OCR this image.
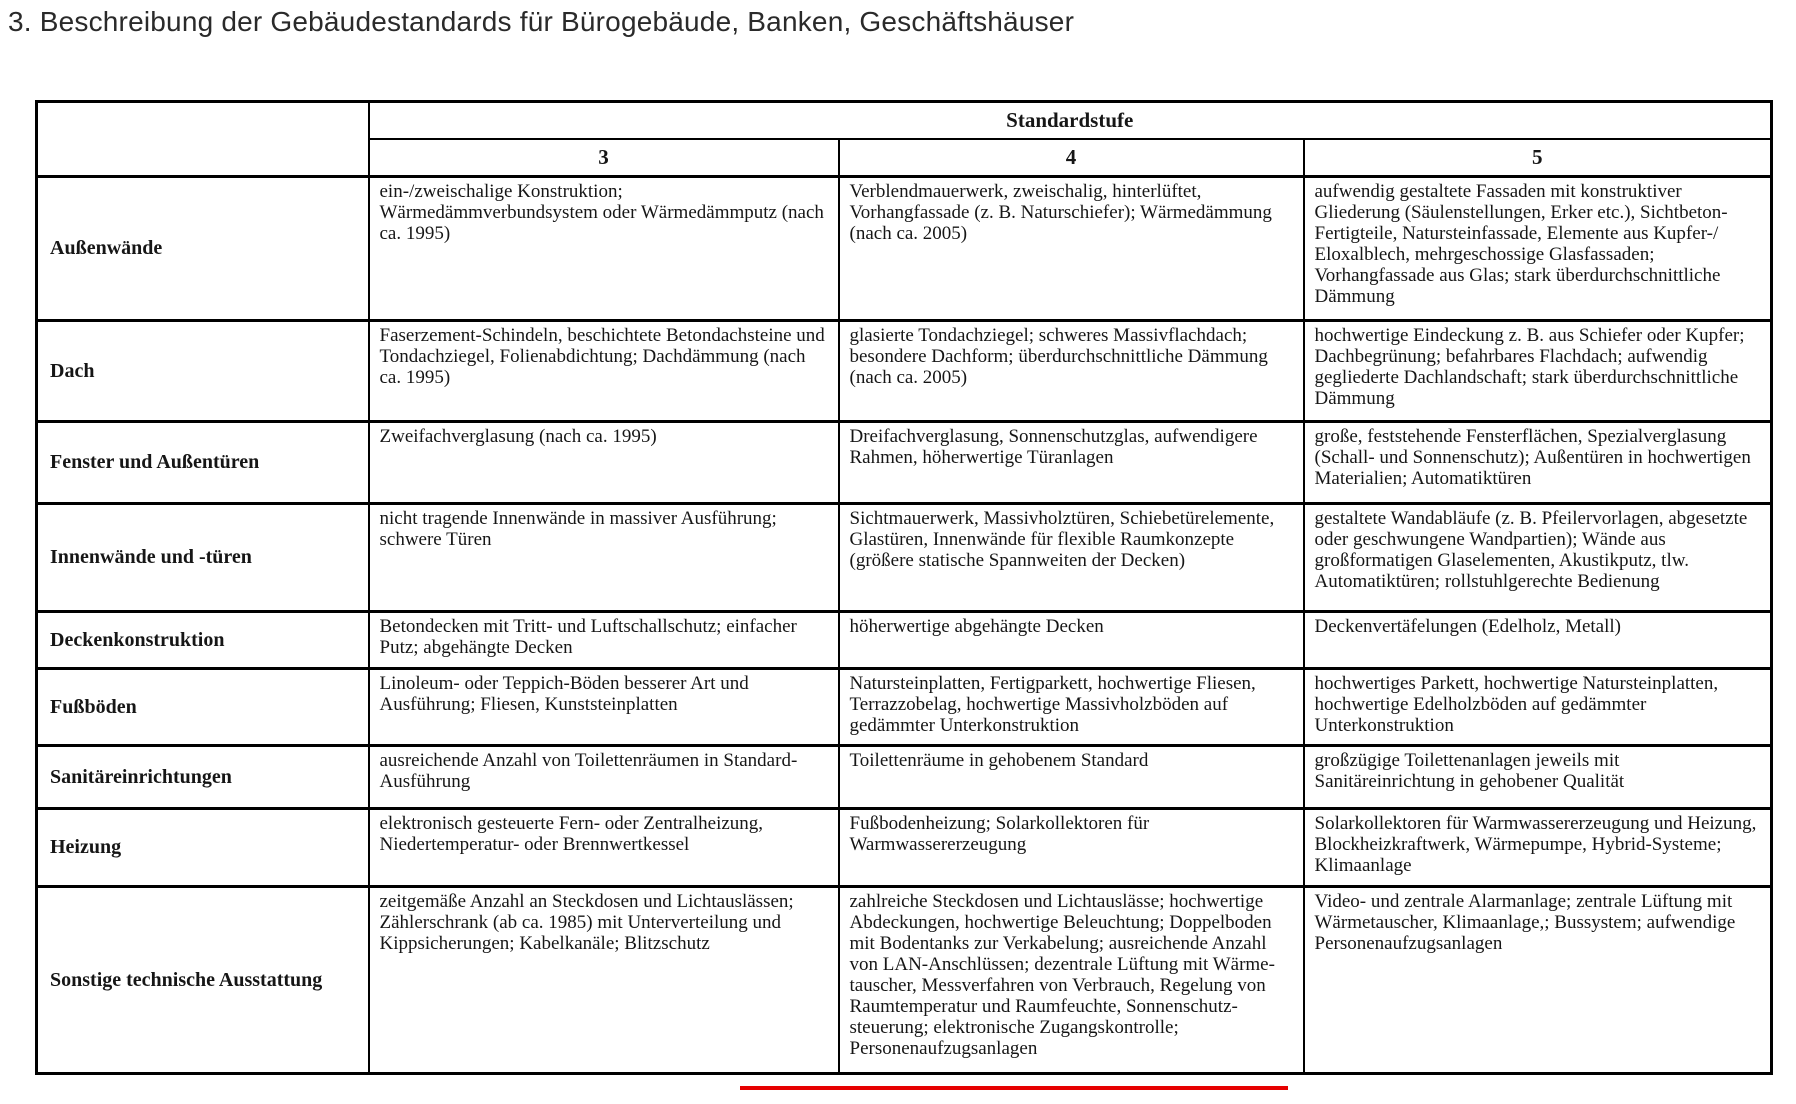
3. Beschreibung der Gebäudestandards für Bürogebäude, Banken, Geschäftshäuser
	Standardstufe		
	3	4	5
Außenwände	ein-/zweischalige Konstruktion; Wärmedämmverbundsystem oder Wärmedämmputz (nach ca. 1995)	Verblendmauerwerk, zweischalig, hinterlüftet, Vorhangfassade (z. B. Naturschiefer); Wärmedämmung (nach ca. 2005)	aufwendig gestaltete Fassaden mit konstruktiver Gliederung (Säulenstellungen, Erker etc.), Sichtbeton-Fertigteile, Natursteinfassade, Elemente aus Kupfer-/ Eloxalblech, mehrgeschossige Glasfassaden; Vorhangfassade aus Glas; stark überdurchschnittliche Dämmung
Dach	Faserzement-Schindeln, beschichtete Betondachsteine und Tondachziegel, Folienabdichtung; Dachdämmung (nach ca. 1995)	glasierte Tondachziegel; schweres Massivflachdach; besondere Dachform; überdurchschnittliche Dämmung (nach ca. 2005)	hochwertige Eindeckung z. B. aus Schiefer oder Kupfer; Dachbegrünung; befahrbares Flachdach; aufwendig gegliederte Dachlandschaft; stark überdurchschnittliche Dämmung
Fenster und Außentüren	Zweifachverglasung (nach ca. 1995)	Dreifachverglasung, Sonnenschutzglas, aufwendigere Rahmen, höherwertige Türanlagen	große, feststehende Fensterflächen, Spezialverglasung (Schall- und Sonnenschutz); Außentüren in hochwertigen Materialien; Automatiktüren
Innenwände und -türen	nicht tragende Innenwände in massiver Ausführung; schwere Türen	Sichtmauerwerk, Massivholztüren, Schiebetürelemente, Glastüren, Innenwände für flexible Raumkonzepte (größere statische Spannweiten der Decken)	gestaltete Wandabläufe (z. B. Pfeilervorlagen, abgesetzte oder geschwungene Wandpartien); Wände aus großformatigen Glaselementen, Akustikputz, tlw. Automatiktüren; rollstuhlgerechte Bedienung
Deckenkonstruktion	Betondecken mit Tritt- und Luftschallschutz; einfacher Putz; abgehängte Decken	höherwertige abgehängte Decken	Deckenvertäfelungen (Edelholz, Metall)
Fußböden	Linoleum- oder Teppich-Böden besserer Art und Ausführung; Fliesen, Kunststeinplatten	Natursteinplatten, Fertigparkett, hochwertige Fliesen, Terrazzobelag, hochwertige Massivholzböden auf gedämmter Unterkonstruktion	hochwertiges Parkett, hochwertige Natursteinplatten, hochwertige Edelholzböden auf gedämmter Unterkonstruktion
Sanitäreinrichtungen	ausreichende Anzahl von Toilettenräumen in Standard-Ausführung	Toilettenräume in gehobenem Standard	großzügige Toilettenanlagen jeweils mit Sanitäreinrichtung in gehobener Qualität
Heizung	elektronisch gesteuerte Fern- oder Zentralheizung, Niedertemperatur- oder Brennwertkessel	Fußbodenheizung; Solarkollektoren für Warmwassererzeugung	Solarkollektoren für Warmwassererzeugung und Heizung, Blockheizkraftwerk, Wärmepumpe, Hybrid-Systeme; Klimaanlage
Sonstige technische Ausstattung	zeitgemäße Anzahl an Steckdosen und Lichtauslässen; Zählerschrank (ab ca. 1985) mit Unterverteilung und Kippsicherungen; Kabelkanäle; Blitzschutz	zahlreiche Steckdosen und Lichtauslässe; hochwertige Abdeckungen, hochwertige Beleuchtung; Doppelboden mit Bodentanks zur Verkabelung; ausreichende Anzahl von LAN-Anschlüssen; dezentrale Lüftung mit Wärme-tauscher, Messverfahren von Verbrauch, Regelung von Raumtemperatur und Raumfeuchte, Sonnenschutz-steuerung; elektronische Zugangskontrolle; Personenaufzugsanlagen	Video- und zentrale Alarmanlage; zentrale Lüftung mit Wärmetauscher, Klimaanlage,; Bussystem; aufwendige Personenaufzugsanlagen
